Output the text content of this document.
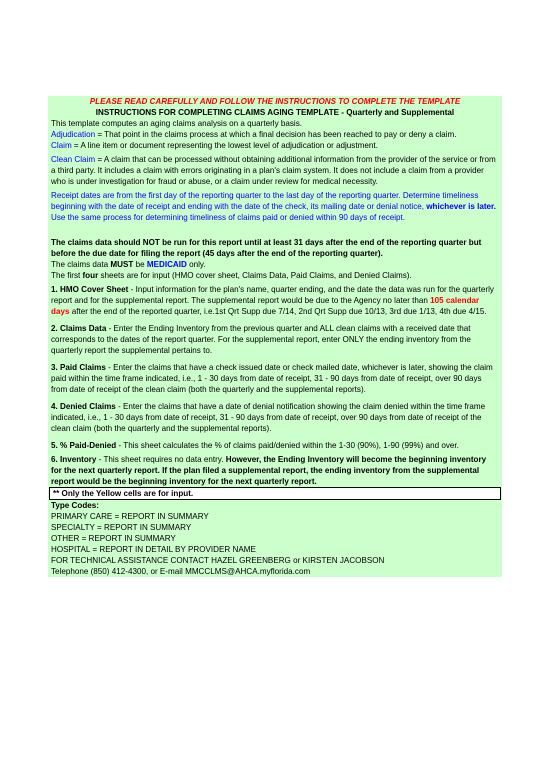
PLEASE READ CAREFULLY AND FOLLOW THE INSTRUCTIONS TO COMPLETE THE TEMPLATE
INSTRUCTIONS FOR COMPLETING CLAIMS AGING TEMPLATE - Quarterly and Supplemental
This template computes an aging claims analysis on a quarterly basis.
Adjudication = That point in the claims process at which a final decision has been reached to pay or deny a claim.
Claim = A line item or document representing the lowest level of adjudication or adjustment.
Clean Claim = A claim that can be processed without obtaining additional information from the provider of the service or from a third party. It includes a claim with errors originating in a plan's claim system. It does not include a claim from a provider who is under investigation for fraud or abuse, or a claim under review for medical necessity.
Receipt dates are from the first day of the reporting quarter to the last day of the reporting quarter. Determine timeliness beginning with the date of receipt and ending with the date of the check, its mailing date or denial notice, whichever is later. Use the same process for determining timeliness of claims paid or denied within 90 days of receipt.
The claims data should NOT be run for this report until at least 31 days after the end of the reporting quarter but before the due date for filing the report (45 days after the end of the reporting quarter).
The claims data MUST be MEDICAID only.
The first four sheets are for input (HMO cover sheet, Claims Data, Paid Claims, and Denied Claims).
1. HMO Cover Sheet - Input information for the plan's name, quarter ending, and the date the data was run for the quarterly report and for the supplemental report. The supplemental report would be due to the Agency no later than 105 calendar days after the end of the reported quarter, i.e.1st Qrt Supp due 7/14, 2nd Qrt Supp due 10/13, 3rd due 1/13, 4th due 4/15.
2. Claims Data - Enter the Ending Inventory from the previous quarter and ALL clean claims with a received date that corresponds to the dates of the report quarter. For the supplemental report, enter ONLY the ending inventory from the quarterly report the supplemental pertains to.
3. Paid Claims - Enter the claims that have a check issued date or check mailed date, whichever is later, showing the claim paid within the time frame indicated, i.e., 1 - 30 days from date of receipt, 31 - 90 days from date of receipt, over 90 days from date of receipt of the clean claim (both the quarterly and the supplemental reports).
4. Denied Claims - Enter the claims that have a date of denial notification showing the claim denied within the time frame indicated, i.e., 1 - 30 days from date of receipt, 31 - 90 days from date of receipt, over 90 days from date of receipt of the clean claim (both the quarterly and the supplemental reports).
5. % Paid-Denied - This sheet calculates the % of claims paid/denied within the 1-30 (90%), 1-90 (99%) and over.
6. Inventory - This sheet requires no data entry. However, the Ending Inventory will become the beginning inventory for the next quarterly report. If the plan filed a supplemental report, the ending inventory from the supplemental report would be the beginning inventory for the next quarterly report.
** Only the Yellow cells are for input.
Type Codes:
PRIMARY CARE = REPORT IN SUMMARY
SPECIALTY = REPORT IN SUMMARY
OTHER = REPORT IN SUMMARY
HOSPITAL = REPORT IN DETAIL BY PROVIDER NAME
FOR TECHNICAL ASSISTANCE CONTACT HAZEL GREENBERG or KIRSTEN JACOBSON
Telephone (850) 412-4300, or E-mail MMCCLMS@AHCA.myflorida.com
